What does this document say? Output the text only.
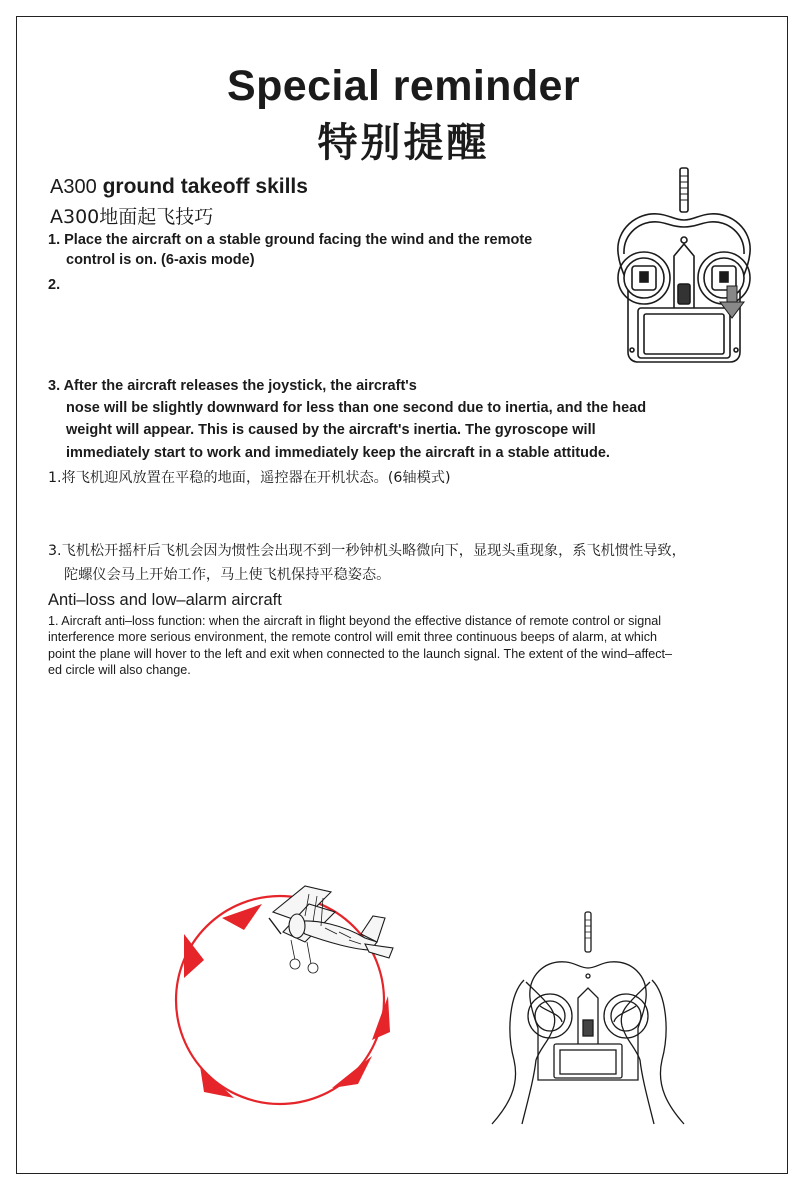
Special reminder
特别提醒
A300 ground takeoff skills
A300地面起飞技巧
1. Place the aircraft on a stable ground facing the wind and the remote
control is on. (6-axis mode)
2.
3. After the aircraft releases the joystick, the aircraft's
nose will be slightly downward for less than one second due to inertia, and the head
weight will appear. This is caused by the aircraft's inertia. The gyroscope will
immediately start to work and immediately keep the aircraft in a stable attitude.
1.将飞机迎风放置在平稳的地面，遥控器在开机状态。(6轴模式)
3.飞机松开摇杆后飞机会因为惯性会出现不到一秒钟机头略微向下，显现头重现象，系飞机惯性导致，
陀螺仪会马上开始工作，马上使飞机保持平稳姿态。
Anti–loss and low–alarm aircraft
1. Aircraft anti–loss function: when the aircraft in flight beyond the effective distance of remote control or signal
interference more serious environment, the remote control will emit three continuous beeps of alarm, at which
point the plane will hover to the left and exit when connected to the launch signal. The extent of the wind–affect–
ed circle will also change.
